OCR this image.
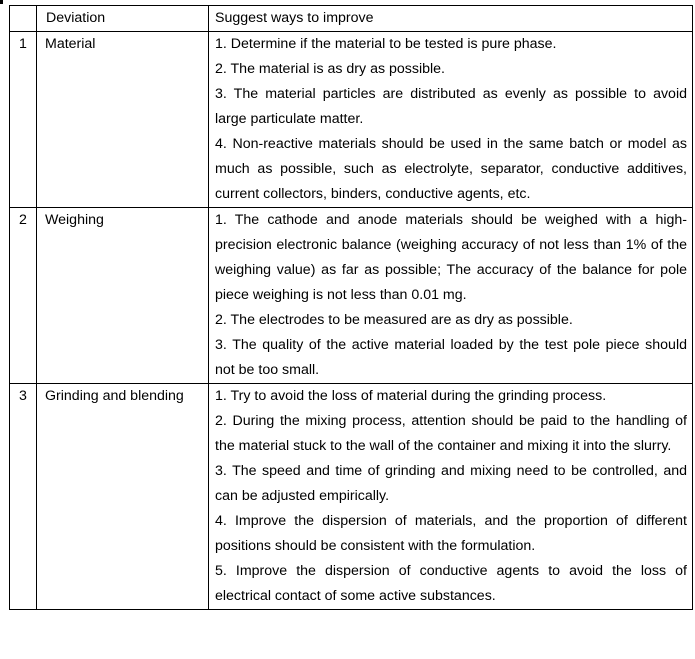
	Deviation	Suggest ways to improve
1	Material	1. Determine if the material to be tested is pure phase.
2. The material is as dry as possible.
3. The material particles are distributed as evenly as possible to avoid large particulate matter.
4. Non-reactive materials should be used in the same batch or model as much as possible, such as electrolyte, separator, conductive additives, current collectors, binders, conductive agents, etc.

2	Weighing	1. The cathode and anode materials should be weighed with a high-precision electronic balance (weighing accuracy of not less than 1% of the weighing value) as far as possible; The accuracy of the balance for pole piece weighing is not less than 0.01 mg.
2. The electrodes to be measured are as dry as possible.
3. The quality of the active material loaded by the test pole piece should not be too small.

3	Grinding and blending	1. Try to avoid the loss of material during the grinding process.
2. During the mixing process, attention should be paid to the handling of the material stuck to the wall of the container and mixing it into the slurry.
3. The speed and time of grinding and mixing need to be controlled, and can be adjusted empirically.
4. Improve the dispersion of materials, and the proportion of different positions should be consistent with the formulation.
5. Improve the dispersion of conductive agents to avoid the loss of electrical contact of some active substances.
